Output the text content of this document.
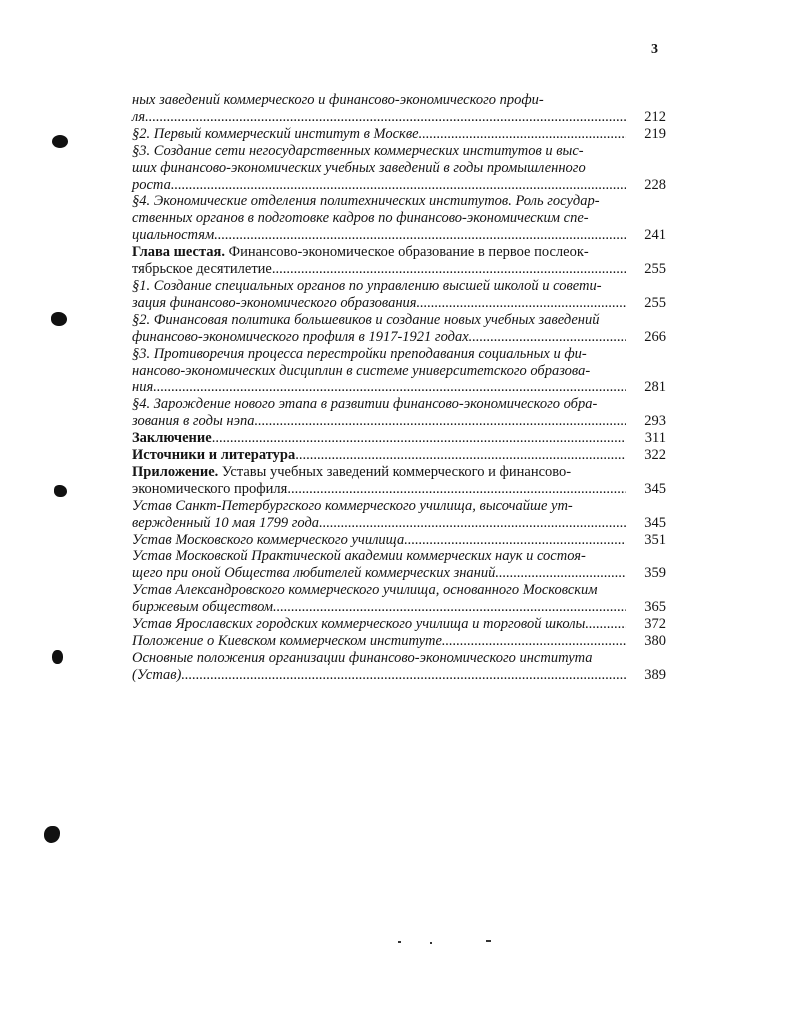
3
ных заведений коммерческого и финансово-экономического профи-
ля .....	212
§2. Первый коммерческий институт в Москве .....	219
§3. Создание сети негосударственных коммерческих институтов и выс-
ших финансово-экономических учебных заведений в годы промышленного
роста .....	228
§4. Экономические отделения политехнических институтов. Роль государ-
ственных органов в подготовке кадров по финансово-экономическим спе-
циальностям .....	241
Глава шестая. Финансово-экономическое образование в первое послеок-
тябрьское десятилетие .....	255
§1. Создание специальных органов по управлению высшей школой и совети-
зация финансово-экономического образования .....	255
§2. Финансовая политика большевиков и создание новых учебных заведений
финансово-экономического профиля в 1917-1921 годах .....	266
§3. Противоречия процесса перестройки преподавания социальных и фи-
нансово-экономических дисциплин в системе университетского образова-
ния .....	281
§4. Зарождение нового этапа в развитии финансово-экономического обра-
зования в годы нэпа .....	293
Заключение .....	311
Источники и литература .....	322
Приложение. Уставы учебных заведений коммерческого и финансово-
экономического профиля .....	345
Устав Санкт-Петербургского коммерческого училища, высочайше ут-
вержденный 10 мая 1799 года .....	345
Устав Московского коммерческого училища .....	351
Устав Московской Практической академии коммерческих наук и состоя-
щего при оной Общества любителей коммерческих знаний .....	359
Устав Александровского коммерческого училища, основанного Московским
биржевым обществом .....	365
Устав Ярославских городских коммерческого училища и торговой школы .....	372
Положение о Киевском коммерческом институте .....	380
Основные положения организации финансово-экономического института
(Устав) .....	389
